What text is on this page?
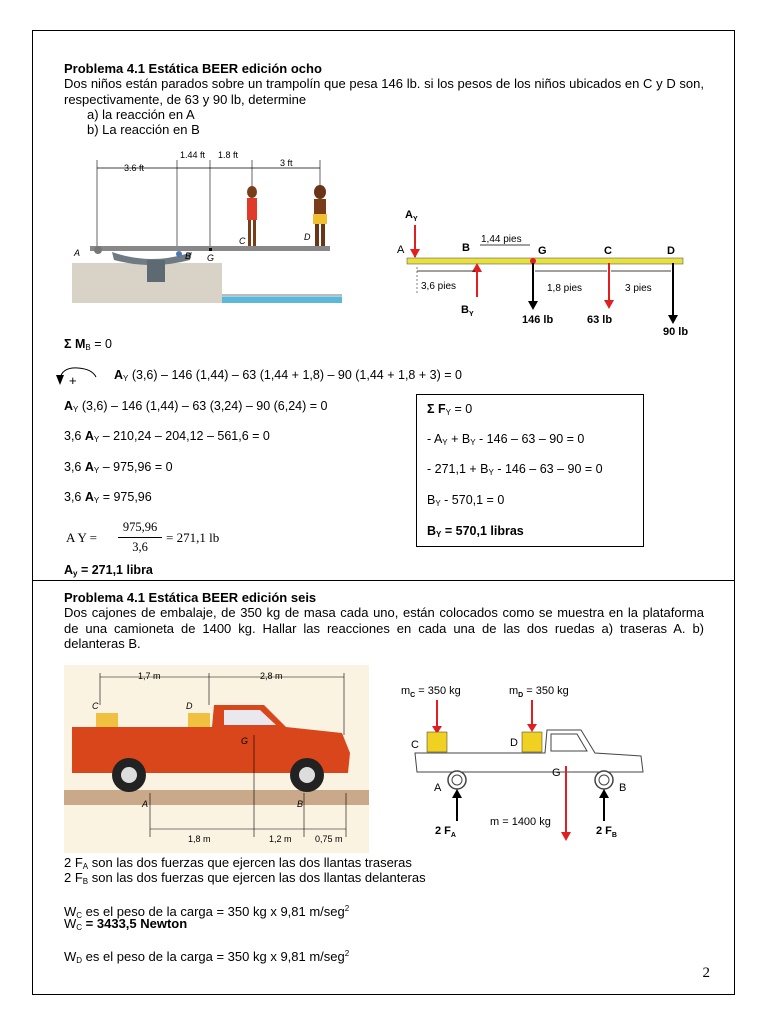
Problema 4.1 Estática BEER edición ocho
Dos niños están parados sobre un trampolín que pesa 146 lb. si los pesos de los niños ubicados en C y D son, respectivamente, de 63 y 90 lb, determine
a) la reacción en A
b) La reacción en B
3.6 ft
1.44 ft 1.8 ft
3 ft
A	B G
C	D
$A_Y$
A	B
$B_Y$
1,44 pies
G
146 lb
C
63 lb
D
90 lb
3,6 pies	1,8 pies	3 pies
Σ $M_B = 0$
+	$A_Y$ (3,6) – 146 (1,44) – 63 (1,44 + 1,8) – 90 (1,44 + 1,8 + 3) = 0
$A_Y$ (3,6) – 146 (1,44) – 63 (3,24) – 90 (6,24) = 0
3,6 $A_Y - 210,24 - 204,12 - 561,6 = 0$
3,6 $A_Y - 975,96 = 0$
3,6 $A_Y = 975,96$
A Y =
975,96
3,6
= 271,1 lb
$A_y = 271,1$ libra
Σ $F_Y = 0$
- $A_Y + B_Y - 146 - 63 - 90 = 0$
- $271,1 + B_Y - 146 - 63 - 90 = 0$
$B_Y - 570,1 = 0$
$B_Y = 570,1$ libras
Problema 4.1 Estática BEER edición seis
Dos cajones de embalaje, de 350 kg de masa cada uno, están colocados como se muestra en la plataforma de una camioneta de 1400 kg. Hallar las reacciones en cada una de las dos ruedas a) traseras A. b) delanteras B.
1,7 m	2,8 m
C	D
G
A	B
1,8 m	1,2 m	0,75 m
$m_C = 350$ kg	$m_D = 350$ kg
C	D
A	B
G
m = 1400 kg
2 $F_A$	2 $F_B$
2 $F_A$ son las dos fuerzas que ejercen las dos llantas traseras
2 $F_B$ son las dos fuerzas que ejercen las dos llantas delanteras
$W_C$ es el peso de la carga = 350 kg x 9,81 m/seg$^2$
$W_C = 3433,5$ Newton
$W_D$ es el peso de la carga = 350 kg x 9,81 m/seg$^2$
2
